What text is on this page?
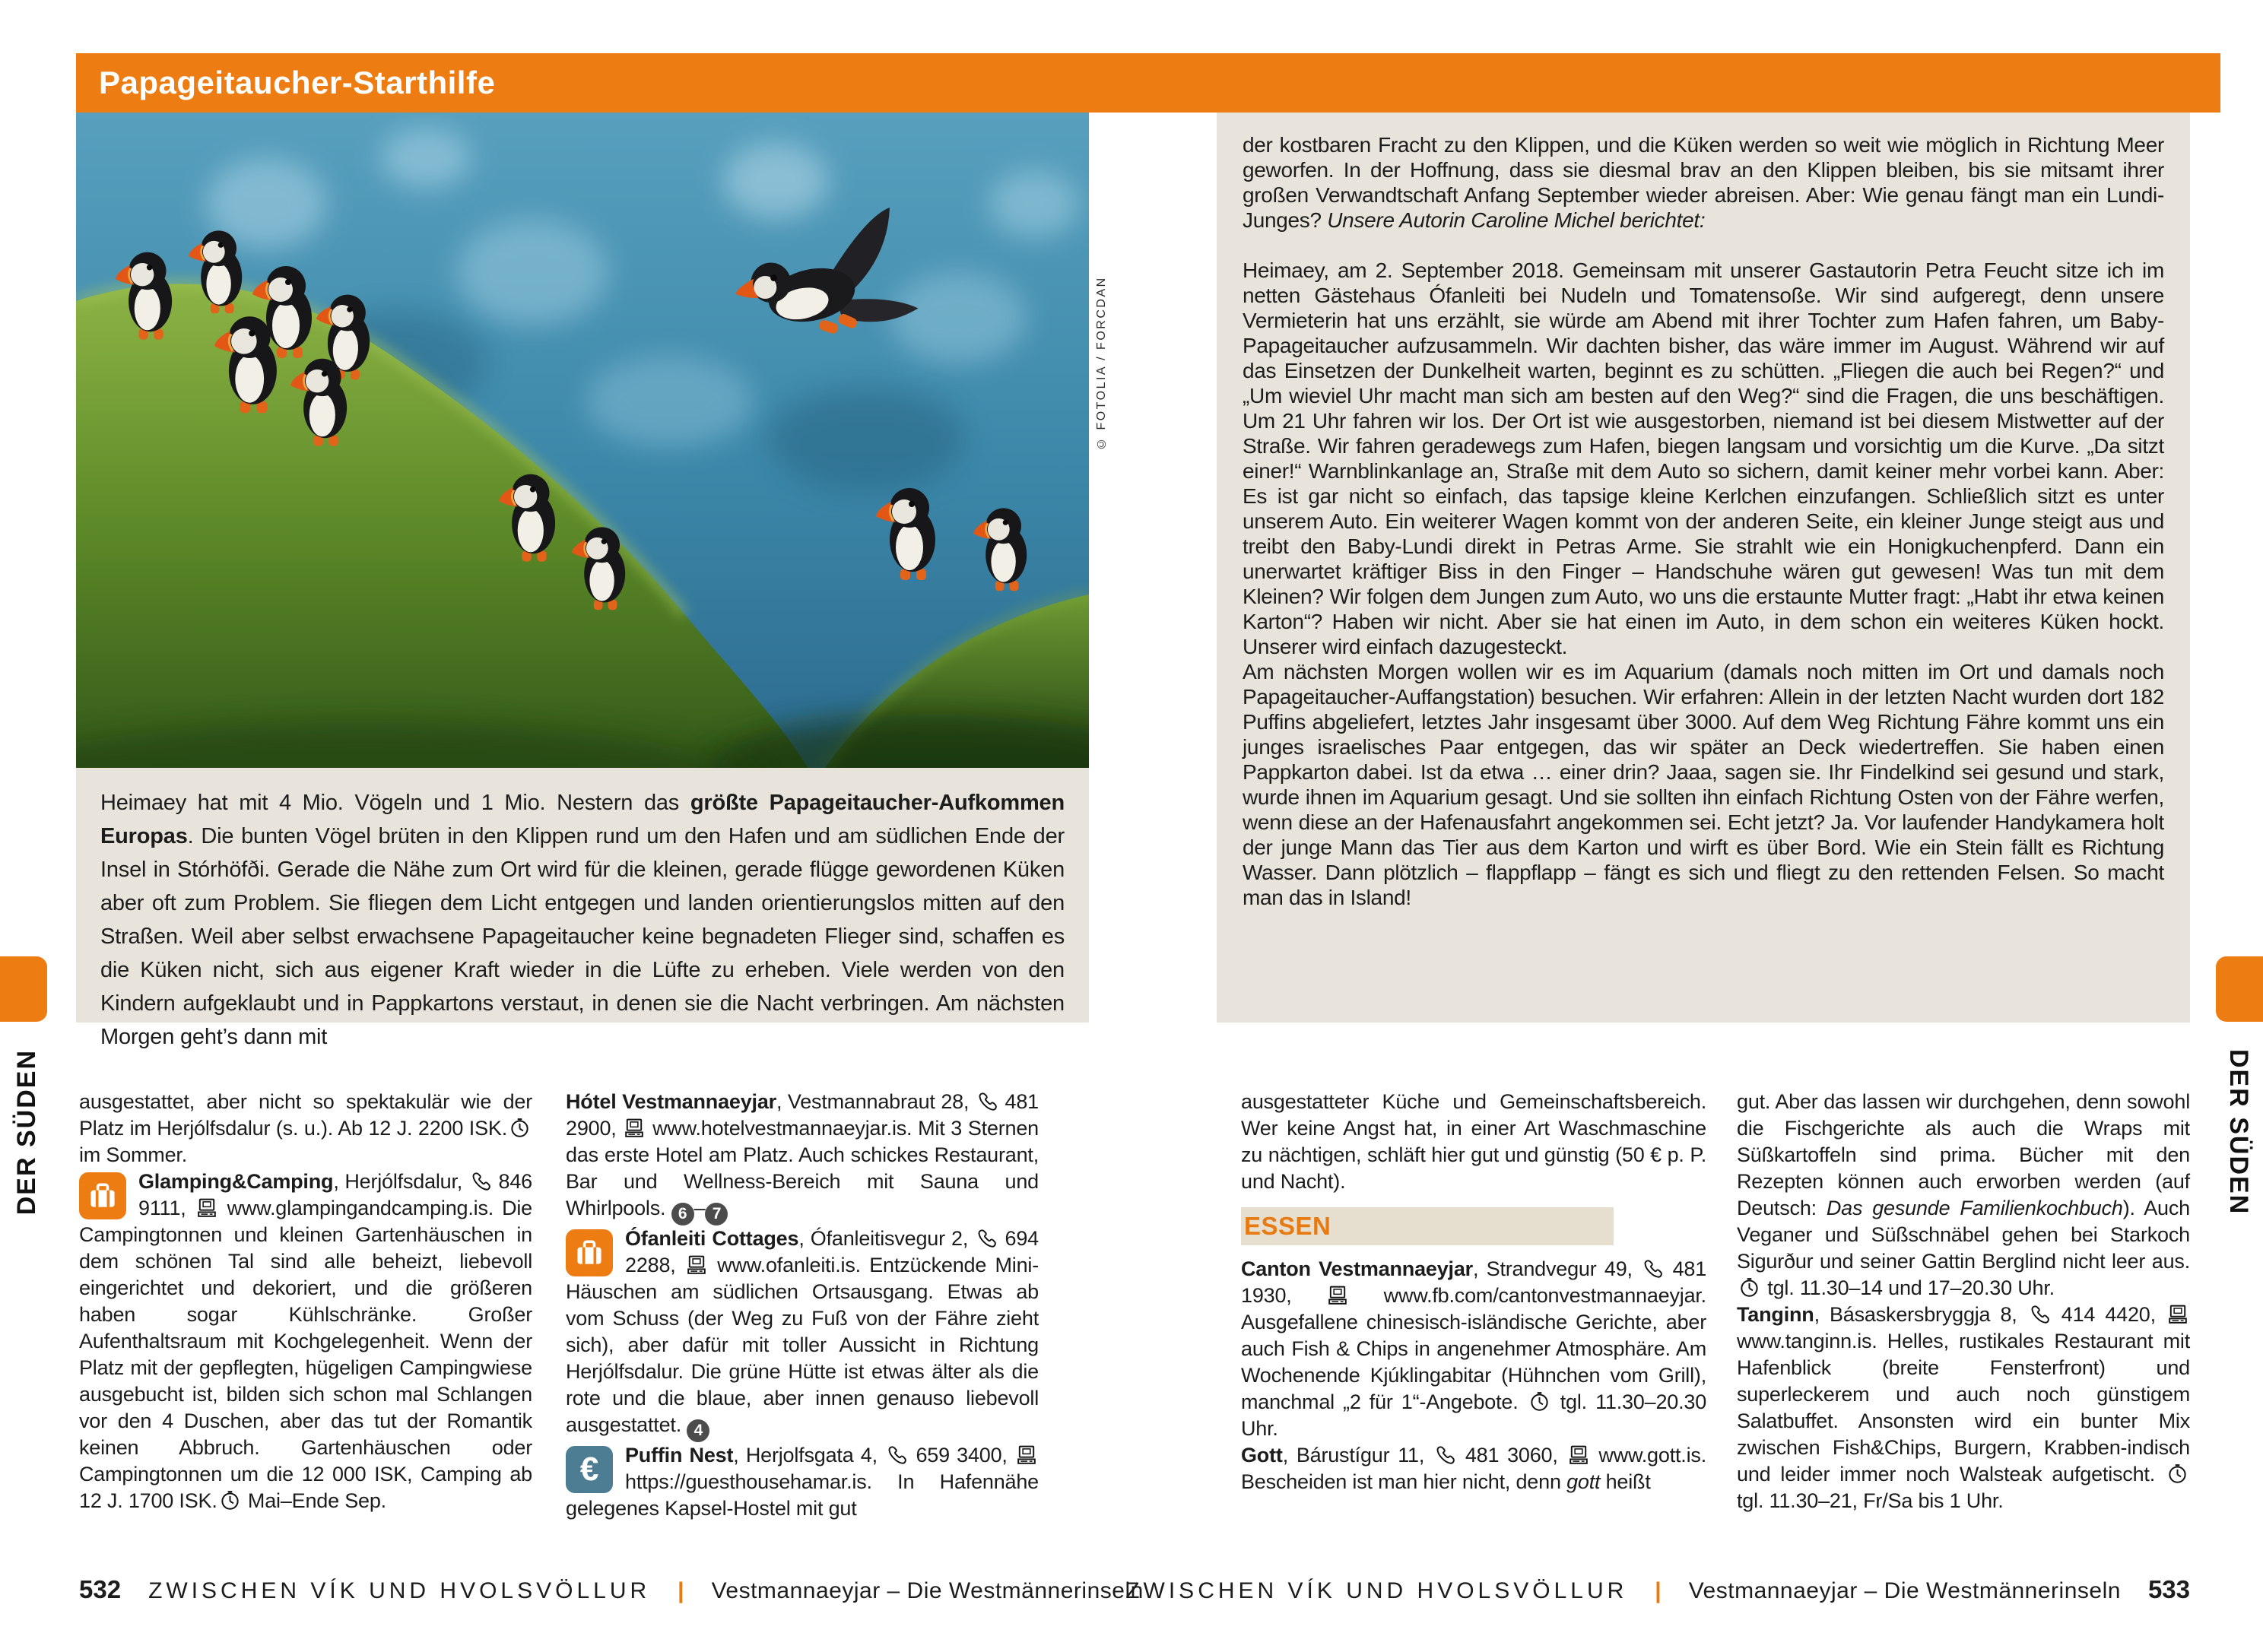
Papageitaucher-Starthilfe
© FOTOLIA / FORCDAN
Heimaey hat mit 4 Mio. Vögeln und 1 Mio. Nestern das größte Papageitaucher-Aufkommen Europas. Die bunten Vögel brüten in den Klippen rund um den Hafen und am südlichen Ende der Insel in Stórhöfði. Gerade die Nähe zum Ort wird für die kleinen, gerade flügge gewordenen Küken aber oft zum Problem. Sie fliegen dem Licht entgegen und landen orientierungslos mitten auf den Straßen. Weil aber selbst erwachsene Papageitaucher keine begnadeten Flieger sind, schaffen es die Küken nicht, sich aus eigener Kraft wieder in die Lüfte zu erheben. Viele werden von den Kindern aufgeklaubt und in Pappkartons verstaut, in denen sie die Nacht verbringen. Am nächsten Morgen geht’s dann mit

der kostbaren Fracht zu den Klippen, und die Küken werden so weit wie möglich in Richtung Meer geworfen. In der Hoffnung, dass sie diesmal brav an den Klippen bleiben, bis sie mitsamt ihrer großen Verwandtschaft Anfang September wieder abreisen. Aber: Wie genau fängt man ein Lundi-Junges? Unsere Autorin Caroline Michel berichtet:

Heimaey, am 2. September 2018. Gemeinsam mit unserer Gastautorin Petra Feucht sitze ich im netten Gästehaus Ófanleiti bei Nudeln und Tomatensoße. Wir sind aufgeregt, denn unsere Vermieterin hat uns erzählt, sie würde am Abend mit ihrer Tochter zum Hafen fahren, um Baby-Papageitaucher aufzusammeln. Wir dachten bisher, das wäre immer im August. Während wir auf das Einsetzen der Dunkelheit warten, beginnt es zu schütten. „Fliegen die auch bei Regen?“ und „Um wieviel Uhr macht man sich am besten auf den Weg?“ sind die Fragen, die uns beschäftigen. Um 21 Uhr fahren wir los. Der Ort ist wie ausgestorben, niemand ist bei diesem Mistwetter auf der Straße. Wir fahren geradewegs zum Hafen, biegen langsam und vorsichtig um die Kurve. „Da sitzt einer!“ Warnblinkanlage an, Straße mit dem Auto so sichern, damit keiner mehr vorbei kann. Aber: Es ist gar nicht so einfach, das tapsige kleine Kerlchen einzufangen. Schließlich sitzt es unter unserem Auto. Ein weiterer Wagen kommt von der anderen Seite, ein kleiner Junge steigt aus und treibt den Baby-Lundi direkt in Petras Arme. Sie strahlt wie ein Honigkuchenpferd. Dann ein unerwartet kräftiger Biss in den Finger – Handschuhe wären gut gewesen! Was tun mit dem Kleinen? Wir folgen dem Jungen zum Auto, wo uns die erstaunte Mutter fragt: „Habt ihr etwa keinen Karton“? Haben wir nicht. Aber sie hat einen im Auto, in dem schon ein weiteres Küken hockt. Unserer wird einfach dazugesteckt.

Am nächsten Morgen wollen wir es im Aquarium (damals noch mitten im Ort und damals noch Papageitaucher-Auffangstation) besuchen. Wir erfahren: Allein in der letzten Nacht wurden dort 182 Puffins abgeliefert, letztes Jahr insgesamt über 3000. Auf dem Weg Richtung Fähre kommt uns ein junges israelisches Paar entgegen, das wir später an Deck wiedertreffen. Sie haben einen Pappkarton dabei. Ist da etwa … einer drin? Jaaa, sagen sie. Ihr Findelkind sei gesund und stark, wurde ihnen im Aquarium gesagt. Und sie sollten ihn einfach Richtung Osten von der Fähre werfen, wenn diese an der Hafenausfahrt angekommen sei. Echt jetzt? Ja. Vor laufender Handykamera holt der junge Mann das Tier aus dem Karton und wirft es über Bord. Wie ein Stein fällt es Richtung Wasser. Dann plötzlich – flappflapp – fängt es sich und fliegt zu den rettenden Felsen. So macht man das in Island!

ausgestattet, aber nicht so spektakulär wie der Platz im Herjólfsdalur (s. u.). Ab 12 J. 2200 ISK.
im Sommer.
Glamping&Camping, Herjólfsdalur,
846 9111,
www.glampingandcamping.is. Die Campingtonnen und kleinen Gartenhäuschen in dem schönen Tal sind alle beheizt, liebevoll eingerichtet und dekoriert, und die größeren haben sogar Kühlschränke. Großer Aufenthaltsraum mit Kochgelegenheit. Wenn der Platz mit der gepflegten, hügeligen Campingwiese ausgebucht ist, bilden sich schon mal Schlangen vor den 4 Duschen, aber das tut der Romantik keinen Abbruch. Gartenhäuschen oder Campingtonnen um die 12 000 ISK, Camping ab 12 J. 1700 ISK.
Mai–Ende Sep.
Hótel Vestmannaeyjar, Vestmannabraut 28,
481 2900,
www.hotelvestmannaeyjar.is. Mit 3 Sternen das erste Hotel am Platz. Auch schickes Restaurant, Bar und Wellness-Bereich mit Sauna und Whirlpools. 6 – 7
Ófanleiti Cottages, Ófanleitisvegur 2,
694 2288,
www.ofanleiti.is. Entzückende Mini-Häuschen am südlichen Ortsausgang. Etwas ab vom Schuss (der Weg zu Fuß von der Fähre zieht sich), aber dafür mit toller Aussicht in Richtung Herjólfsdalur. Die grüne Hütte ist etwas älter als die rote und die blaue, aber innen genauso liebevoll ausgestattet. 4
€ Puffin Nest, Herjolfsgata 4,
659 3400,
https://guesthousehamar.is. In Hafennähe gelegenes Kapsel-Hostel mit gut
ausgestatteter Küche und Gemeinschaftsbereich. Wer keine Angst hat, in einer Art Waschmaschine zu nächtigen, schläft hier gut und günstig (50 € p. P. und Nacht).
ESSEN
Canton Vestmannaeyjar, Strandvegur 49,
481 1930,
www.fb.com/cantonvestmannaeyjar. Ausgefallene chinesisch-isländische Gerichte, aber auch Fish & Chips in angenehmer Atmosphäre. Am Wochenende Kjúklingabitar (Hühnchen vom Grill), manchmal „2 für 1“-Angebote.
tgl. 11.30–20.30 Uhr.
Gott, Bárustígur 11,
481 3060,
www.gott.is. Bescheiden ist man hier nicht, denn gott heißt
gut. Aber das lassen wir durchgehen, denn sowohl die Fischgerichte als auch die Wraps mit Süßkartoffeln sind prima. Bücher mit den Rezepten können auch erworben werden (auf Deutsch: Das gesunde Familienkochbuch). Auch Veganer und Süßschnäbel gehen bei Starkoch Sigurður und seiner Gattin Berglind nicht leer aus.
tgl. 11.30–14 und 17–20.30 Uhr.
Tanginn, Básaskersbryggja 8,
414 4420,
www.tanginn.is. Helles, rustikales Restaurant mit Hafenblick (breite Fensterfront) und superleckerem und auch noch günstigem Salatbuffet. Ansonsten wird ein bunter Mix zwischen Fish&Chips, Burgern, Krabben-indisch und leider immer noch Walsteak aufgetischt.
tgl. 11.30–21, Fr/Sa bis 1 Uhr.
DER SÜDEN	DER SÜDEN
532 ZWISCHEN VÍK UND HVOLSVÖLLUR | Vestmannaeyjar – Die Westmännerinseln
ZWISCHEN VÍK UND HVOLSVÖLLUR | Vestmannaeyjar – Die Westmännerinseln 533
